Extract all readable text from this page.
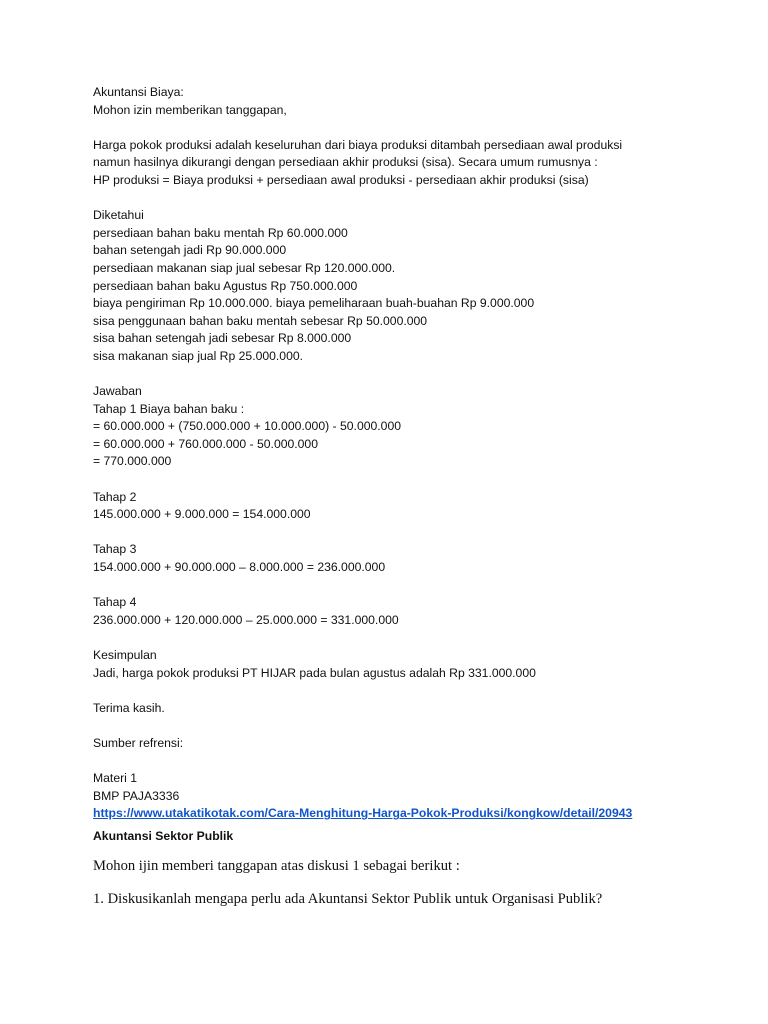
Akuntansi Biaya:

Mohon izin memberikan tanggapan,

Harga pokok produksi adalah keseluruhan dari biaya produksi ditambah persediaan awal produksi

namun hasilnya dikurangi dengan persediaan akhir produksi (sisa). Secara umum rumusnya :

HP produksi = Biaya produksi + persediaan awal produksi - persediaan akhir produksi (sisa)

Diketahui

persediaan bahan baku mentah Rp 60.000.000

bahan setengah jadi Rp 90.000.000

persediaan makanan siap jual sebesar Rp 120.000.000.

persediaan bahan baku Agustus Rp 750.000.000

biaya pengiriman Rp 10.000.000. biaya pemeliharaan buah-buahan Rp 9.000.000

sisa penggunaan bahan baku mentah sebesar Rp 50.000.000

sisa bahan setengah jadi sebesar Rp 8.000.000

sisa makanan siap jual Rp 25.000.000.

Jawaban

Tahap 1 Biaya bahan baku :

= 60.000.000 + (750.000.000 + 10.000.000) - 50.000.000

= 60.000.000 + 760.000.000 - 50.000.000

= 770.000.000

Tahap 2

145.000.000 + 9.000.000 = 154.000.000

Tahap 3

154.000.000 + 90.000.000 – 8.000.000 = 236.000.000

Tahap 4

236.000.000 + 120.000.000 – 25.000.000 = 331.000.000

Kesimpulan

Jadi, harga pokok produksi PT HIJAR pada bulan agustus adalah Rp 331.000.000

Terima kasih.

Sumber refrensi:

Materi 1

BMP PAJA3336

https://www.utakatikotak.com/Cara-Menghitung-Harga-Pokok-Produksi/kongkow/detail/20943

Akuntansi Sektor Publik

Mohon ijin memberi tanggapan atas diskusi 1 sebagai berikut :

1. Diskusikanlah mengapa perlu ada Akuntansi Sektor Publik untuk Organisasi Publik?
